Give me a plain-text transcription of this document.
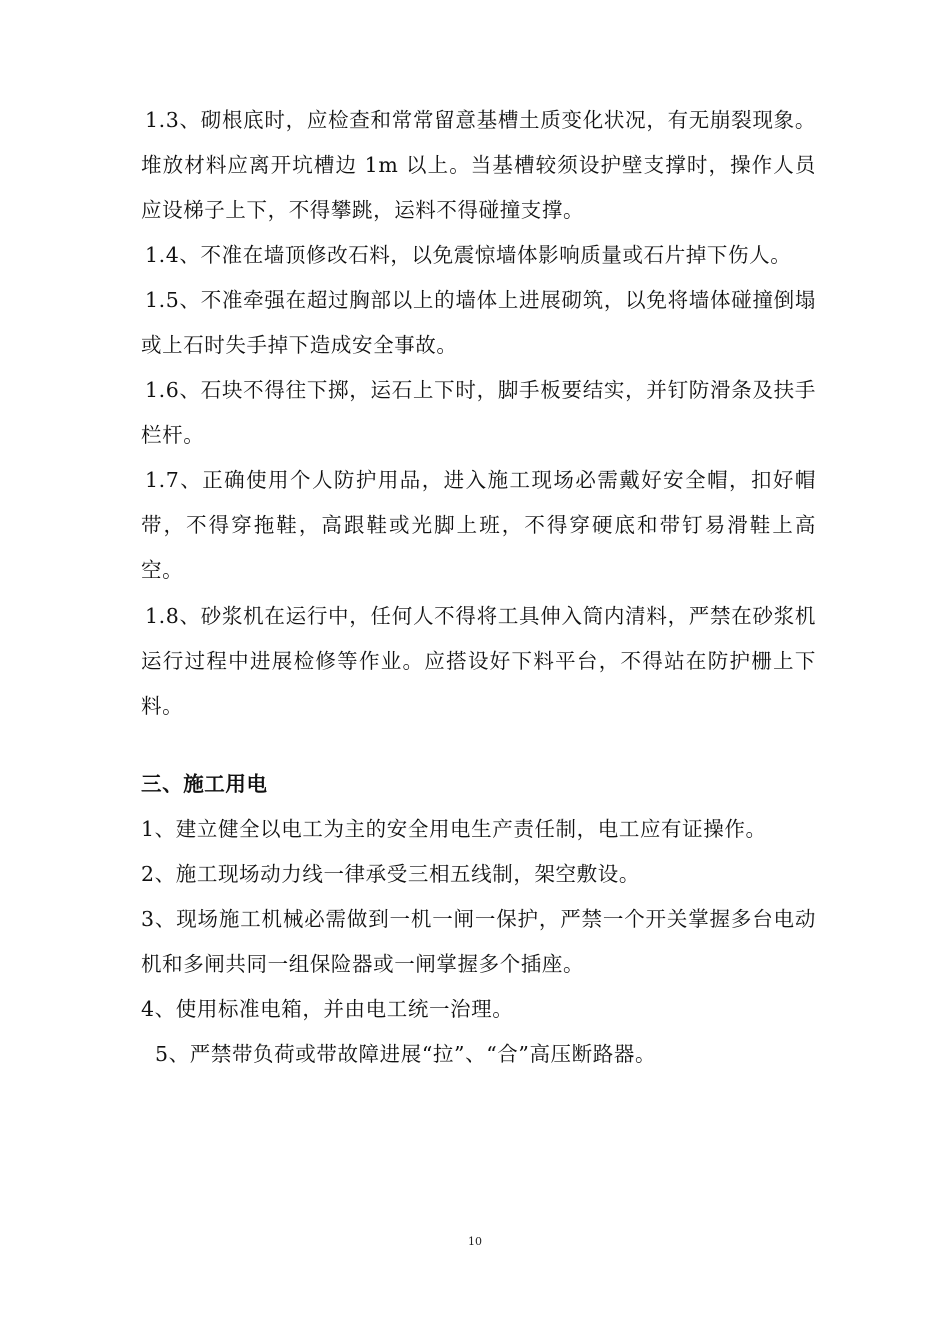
1.3、砌根底时，应检查和常常留意基槽土质变化状况，有无崩裂现象。堆放材料应离开坑槽边 1m 以上。当基槽较须设护壁支撑时，操作人员应设梯子上下，不得攀跳，运料不得碰撞支撑。

1.4、不准在墙顶修改石料，以免震惊墙体影响质量或石片掉下伤人。

1.5、不准牵强在超过胸部以上的墙体上进展砌筑，以免将墙体碰撞倒塌或上石时失手掉下造成安全事故。

1.6、石块不得往下掷，运石上下时，脚手板要结实，并钉防滑条及扶手栏杆。

1.7、正确使用个人防护用品，进入施工现场必需戴好安全帽，扣好帽带，不得穿拖鞋，高跟鞋或光脚上班，不得穿硬底和带钉易滑鞋上高空。

1.8、砂浆机在运行中，任何人不得将工具伸入筒内清料，严禁在砂浆机运行过程中进展检修等作业。应搭设好下料平台，不得站在防护栅上下料。

三、施工用电

1、建立健全以电工为主的安全用电生产责任制，电工应有证操作。

2、施工现场动力线一律承受三相五线制，架空敷设。

3、现场施工机械必需做到一机一闸一保护，严禁一个开关掌握多台电动机和多闸共同一组保险器或一闸掌握多个插座。

4、使用标准电箱，并由电工统一治理。

5、严禁带负荷或带故障进展“拉”、“合”高压断路器。

10
